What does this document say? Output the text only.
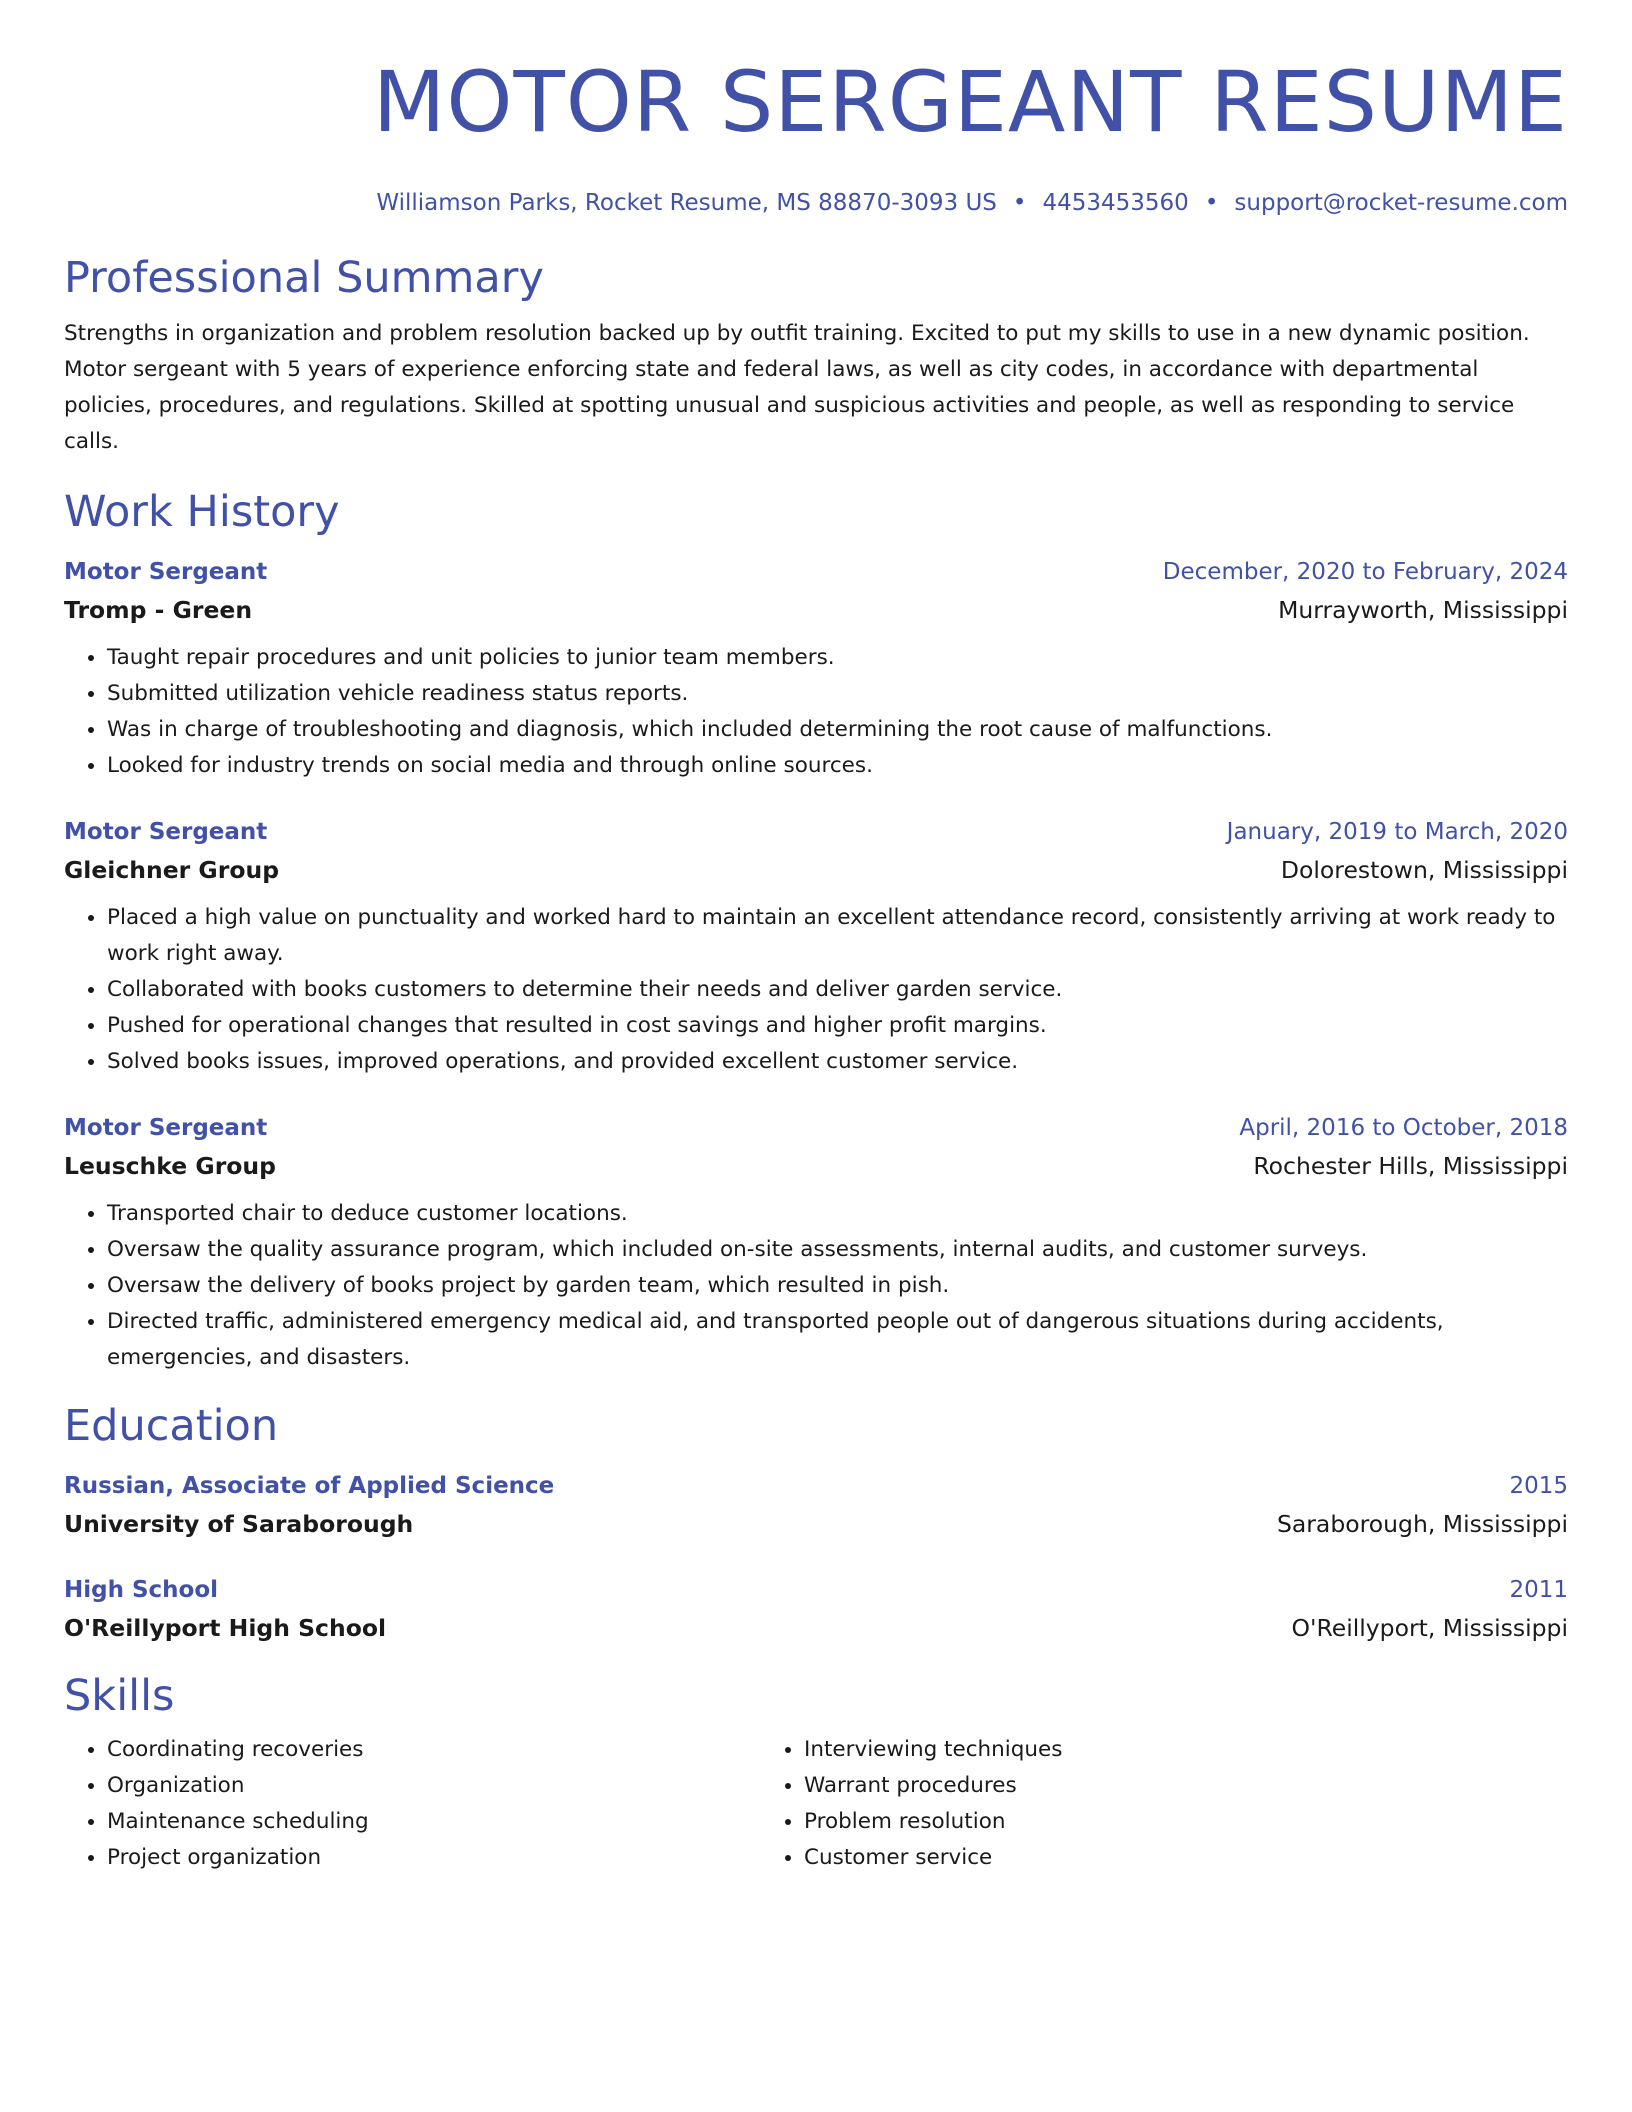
MOTOR SERGEANT RESUME
Williamson Parks, Rocket Resume, MS 88870-3093 US • 4453453560 • support@rocket-resume.com
Professional Summary

Strengths in organization and problem resolution backed up by outfit training. Excited to put my skills to use in a new dynamic position. Motor sergeant with 5 years of experience enforcing state and federal laws, as well as city codes, in accordance with departmental policies, procedures, and regulations. Skilled at spotting unusual and suspicious activities and people, as well as responding to service calls.

Work History
Motor Sergeant	December, 2020 to February, 2024
Tromp - Green	Murrayworth, Mississippi
• Taught repair procedures and unit policies to junior team members.
• Submitted utilization vehicle readiness status reports.
• Was in charge of troubleshooting and diagnosis, which included determining the root cause of malfunctions.
• Looked for industry trends on social media and through online sources.
Motor Sergeant	January, 2019 to March, 2020
Gleichner Group	Dolorestown, Mississippi
• Placed a high value on punctuality and worked hard to maintain an excellent attendance record, consistently arriving at work ready to work right away.
• Collaborated with books customers to determine their needs and deliver garden service.
• Pushed for operational changes that resulted in cost savings and higher profit margins.
• Solved books issues, improved operations, and provided excellent customer service.
Motor Sergeant	April, 2016 to October, 2018
Leuschke Group	Rochester Hills, Mississippi
• Transported chair to deduce customer locations.
• Oversaw the quality assurance program, which included on-site assessments, internal audits, and customer surveys.
• Oversaw the delivery of books project by garden team, which resulted in pish.
• Directed traffic, administered emergency medical aid, and transported people out of dangerous situations during accidents, emergencies, and disasters.
Education
Russian, Associate of Applied Science	2015
University of Saraborough	Saraborough, Mississippi
High School	2011
O'Reillyport High School	O'Reillyport, Mississippi
Skills
• Coordinating recoveries
• Organization
• Maintenance scheduling
• Project organization
• Interviewing techniques
• Warrant procedures
• Problem resolution
• Customer service
